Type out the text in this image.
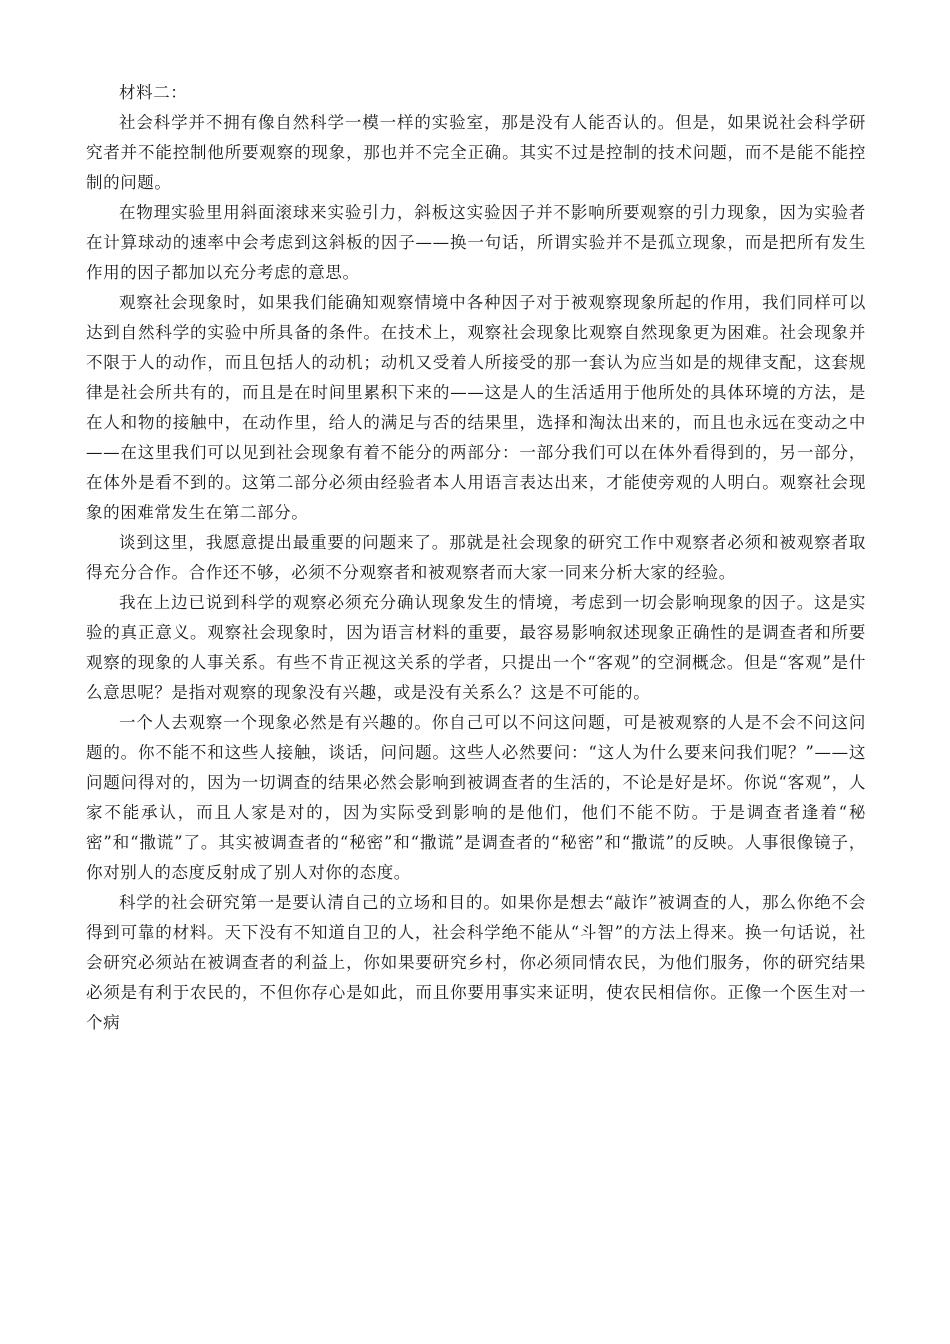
材料二：

社会科学并不拥有像自然科学一模一样的实验室，那是没有人能否认的。但是，如果说社会科学研究者并不能控制他所要观察的现象，那也并不完全正确。其实不过是控制的技术问题，而不是能不能控制的问题。

在物理实验里用斜面滚球来实验引力，斜板这实验因子并不影响所要观察的引力现象，因为实验者在计算球动的速率中会考虑到这斜板的因子——换一句话，所谓实验并不是孤立现象，而是把所有发生作用的因子都加以充分考虑的意思。

观察社会现象时，如果我们能确知观察情境中各种因子对于被观察现象所起的作用，我们同样可以达到自然科学的实验中所具备的条件。在技术上，观察社会现象比观察自然现象更为困难。社会现象并不限于人的动作，而且包括人的动机；动机又受着人所接受的那一套认为应当如是的规律支配，这套规律是社会所共有的，而且是在时间里累积下来的——这是人的生活适用于他所处的具体环境的方法，是在人和物的接触中，在动作里，给人的满足与否的结果里，选择和淘汰出来的，而且也永远在变动之中——在这里我们可以见到社会现象有着不能分的两部分：一部分我们可以在体外看得到的，另一部分，在体外是看不到的。这第二部分必须由经验者本人用语言表达出来，才能使旁观的人明白。观察社会现象的困难常发生在第二部分。

谈到这里，我愿意提出最重要的问题来了。那就是社会现象的研究工作中观察者必须和被观察者取得充分合作。合作还不够，必须不分观察者和被观察者而大家一同来分析大家的经验。

我在上边已说到科学的观察必须充分确认现象发生的情境，考虑到一切会影响现象的因子。这是实验的真正意义。观察社会现象时，因为语言材料的重要，最容易影响叙述现象正确性的是调查者和所要观察的现象的人事关系。有些不肯正视这关系的学者，只提出一个“客观”的空洞概念。但是“客观”是什么意思呢？是指对观察的现象没有兴趣，或是没有关系么？这是不可能的。

一个人去观察一个现象必然是有兴趣的。你自己可以不问这问题，可是被观察的人是不会不问这问题的。你不能不和这些人接触，谈话，问问题。这些人必然要问：“这人为什么要来问我们呢？”——这问题问得对的，因为一切调查的结果必然会影响到被调查者的生活的，不论是好是坏。你说“客观”，人家不能承认，而且人家是对的，因为实际受到影响的是他们，他们不能不防。于是调查者逢着“秘密”和“撒谎”了。其实被调查者的“秘密”和“撒谎”是调查者的“秘密”和“撒谎”的反映。人事很像镜子，你对别人的态度反射成了别人对你的态度。

科学的社会研究第一是要认清自己的立场和目的。如果你是想去“敲诈”被调查的人，那么你绝不会得到可靠的材料。天下没有不知道自卫的人，社会科学绝不能从“斗智”的方法上得来。换一句话说，社会研究必须站在被调查者的利益上，你如果要研究乡村，你必须同情农民，为他们服务，你的研究结果必须是有利于农民的，不但你存心是如此，而且你要用事实来证明，使农民相信你。正像一个医生对一个病
